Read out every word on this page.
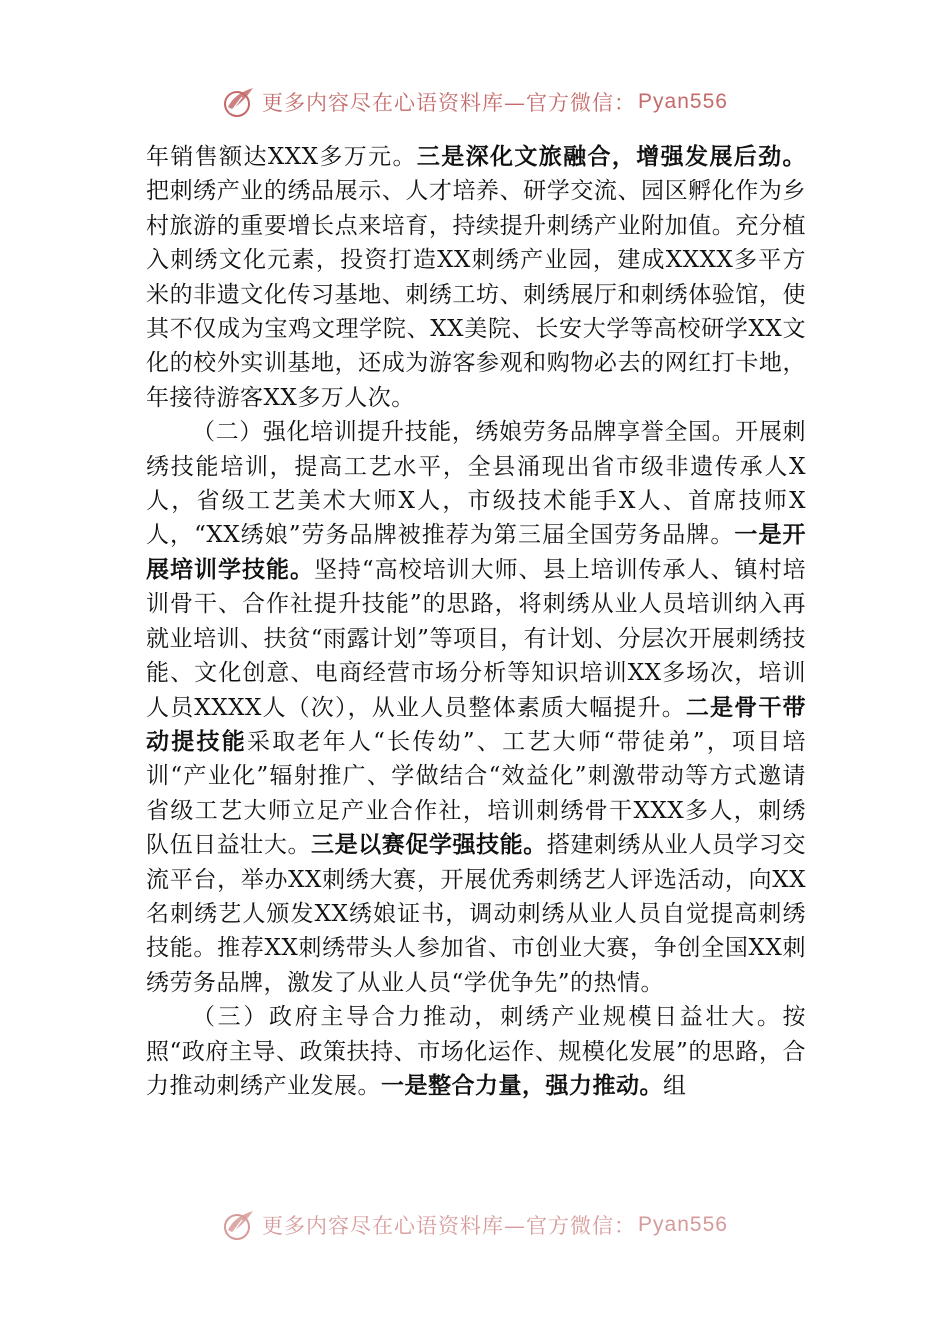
更多内容尽在心语资料库—官方微信： Pyan556

年销售额达XXX多万元。三是深化文旅融合，增强发展后劲。把刺绣产业的绣品展示、人才培养、研学交流、园区孵化作为乡村旅游的重要增长点来培育，持续提升刺绣产业附加值。充分植入刺绣文化元素，投资打造XX刺绣产业园，建成XXXX多平方米的非遗文化传习基地、刺绣工坊、刺绣展厅和刺绣体验馆，使其不仅成为宝鸡文理学院、XX美院、长安大学等高校研学XX文化的校外实训基地，还成为游客参观和购物必去的网红打卡地，年接待游客XX多万人次。

（二）强化培训提升技能，绣娘劳务品牌享誉全国。开展刺绣技能培训，提高工艺水平，全县涌现出省市级非遗传承人X人，省级工艺美术大师X人，市级技术能手X人、首席技师X人，“XX绣娘”劳务品牌被推荐为第三届全国劳务品牌。一是开展培训学技能。坚持“高校培训大师、县上培训传承人、镇村培训骨干、合作社提升技能”的思路，将刺绣从业人员培训纳入再就业培训、扶贫“雨露计划”等项目，有计划、分层次开展刺绣技能、文化创意、电商经营市场分析等知识培训XX多场次，培训人员XXXX人（次），从业人员整体素质大幅提升。二是骨干带动提技能采取老年人“长传幼”、工艺大师“带徒弟”，项目培训“产业化”辐射推广、学做结合“效益化”刺激带动等方式邀请省级工艺大师立足产业合作社，培训刺绣骨干XXX多人，刺绣队伍日益壮大。三是以赛促学强技能。搭建刺绣从业人员学习交流平台，举办XX刺绣大赛，开展优秀刺绣艺人评选活动，向XX名刺绣艺人颁发XX绣娘证书，调动刺绣从业人员自觉提高刺绣技能。推荐XX刺绣带头人参加省、市创业大赛，争创全国XX刺绣劳务品牌，激发了从业人员“学优争先”的热情。

（三）政府主导合力推动，刺绣产业规模日益壮大。按照“政府主导、政策扶持、市场化运作、规模化发展”的思路，合力推动刺绣产业发展。一是整合力量，强力推动。组

更多内容尽在心语资料库—官方微信： Pyan556
